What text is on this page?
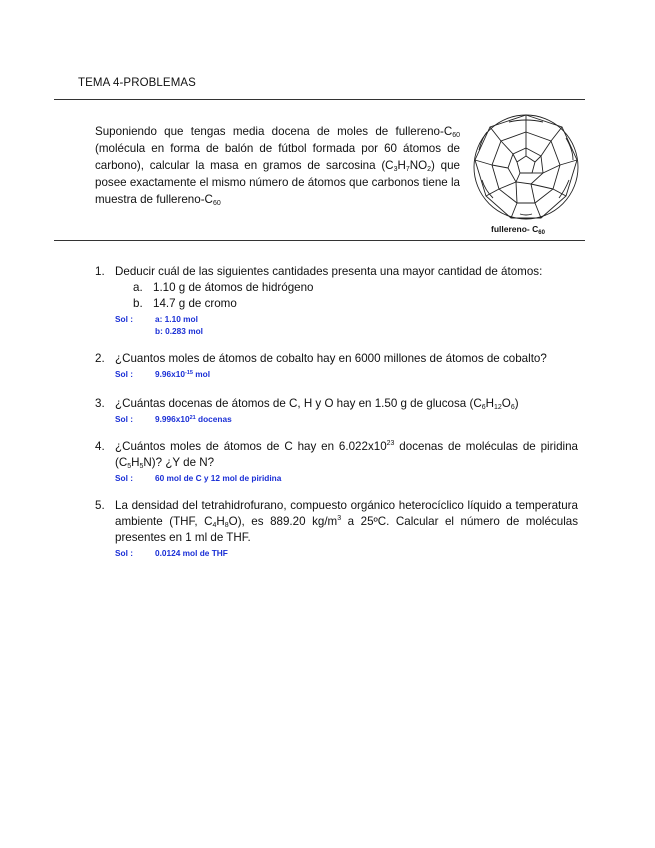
TEMA 4-PROBLEMAS
Suponiendo que tengas media docena de moles de fullereno-$C_{60}$ (molécula en forma de balón de fútbol formada por 60 átomos de carbono), calcular la masa en gramos de sarcosina $(C_3H_7NO_2)$ que posee exactamente el mismo número de átomos que carbonos tiene la muestra de fullereno-$C_{60}$
fullereno- $C_{60}$
1. Deducir cuál de las siguientes cantidades presenta una mayor cantidad de átomos:
a. 1.10 g de átomos de hidrógeno
b. 14.7 g de cromo
Sol :	a: 1.10 mol
b: 0.283 mol
2. ¿Cuantos moles de átomos de cobalto hay en 6000 millones de átomos de cobalto?
Sol :	$9.96x10^{-15}$ mol
3. ¿Cuántas docenas de átomos de C, H y O hay en 1.50 g de glucosa $(C_6H_{12}O_6)$
Sol :	$9.996x10^{21}$ docenas
4. ¿Cuántos moles de átomos de C hay en $6.022x10^{23}$ docenas de moléculas de piridina $(C_5H_5N)$? ¿Y de N?
Sol :	60 mol de C y 12 mol de piridina
5. La densidad del tetrahidrofurano, compuesto orgánico heterocíclico líquido a temperatura ambiente (THF, $C_4H_8O$), es 889.20 $kg/m^3$ a 25ºC. Calcular el número de moléculas presentes en 1 ml de THF.
Sol :	0.0124 mol de THF
